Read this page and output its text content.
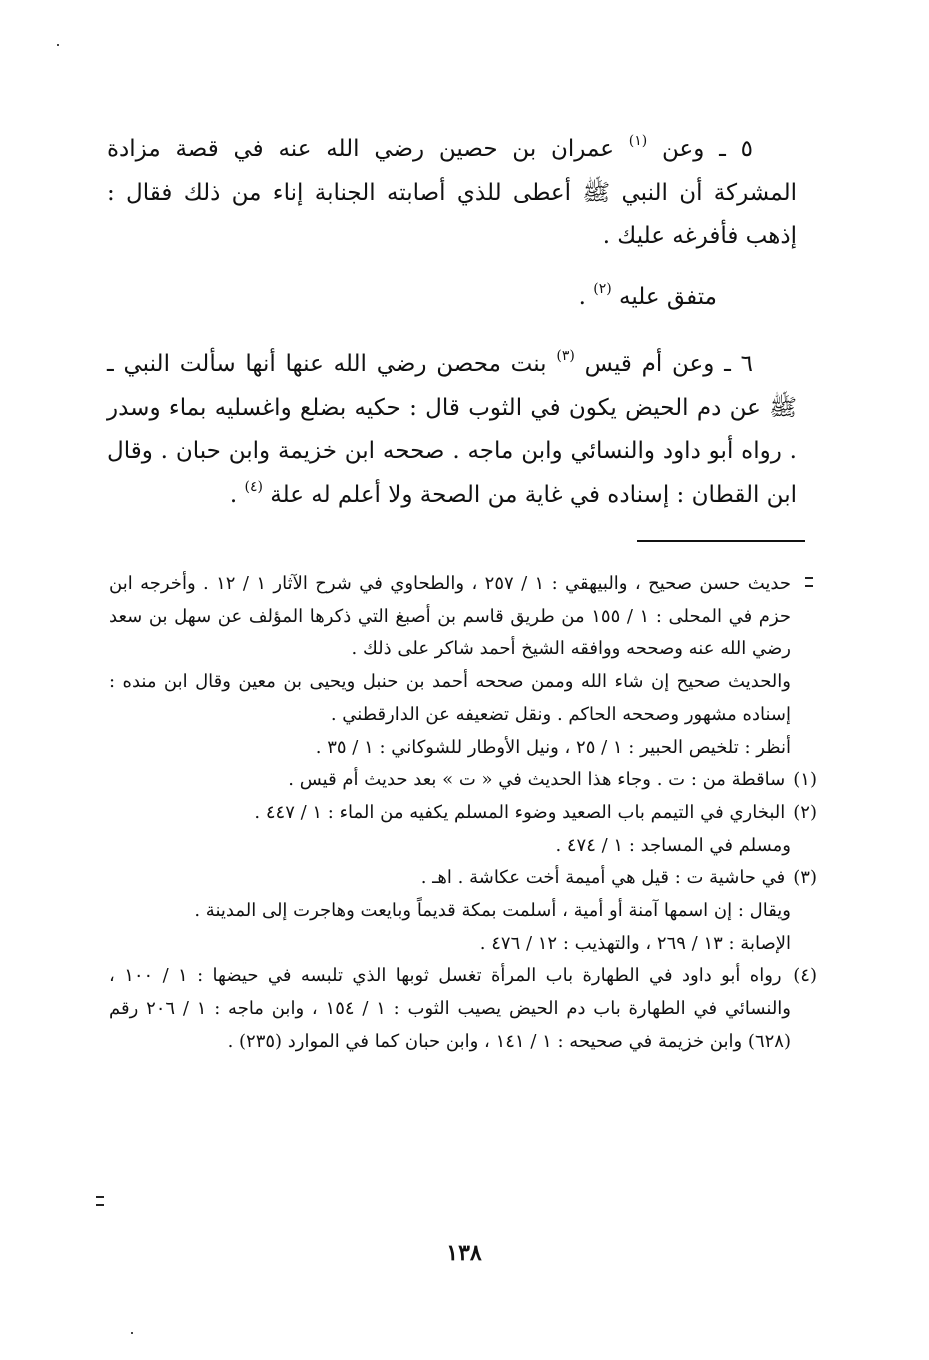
٥ ـ وعن $^{(١)}$ عمران بن حصين رضي الله عنه في قصة مزادة المشركة أن النبي ﷺ أعطى للذي أصابته الجنابة إناء من ذلك فقال : إذهب فأفرغه عليك .

متفق عليه $^{(٢)}$ .

٦ ـ وعن أم قيس $^{(٣)}$ بنت محصن رضي الله عنها أنها سألت النبي ـ ﷺ عن دم الحيض يكون في الثوب قال : حكيه بضلع واغسليه بماء وسدر . رواه أبو داود والنسائي وابن ماجه . صححه ابن خزيمة وابن حبان . وقال ابن القطان : إسناده في غاية من الصحة ولا أعلم له علة $^{(٤)}$ .

حديث حسن صحيح ، والبيهقي : ١ / ٢٥٧ ، والطحاوي في شرح الآثار ١ / ١٢ . وأخرجه ابن حزم في المحلى : ١ / ١٥٥ من طريق قاسم بن أصبغ التي ذكرها المؤلف عن سهل بن سعد رضي الله عنه وصححه ووافقه الشيخ أحمد شاكر على ذلك .

والحديث صحيح إن شاء الله وممن صححه أحمد بن حنبل ويحيى بن معين وقال ابن منده : إسناده مشهور وصححه الحاكم . ونقل تضعيفه عن الدارقطني .

أنظر : تلخيص الحبير : ١ / ٢٥ ، ونيل الأوطار للشوكاني : ١ / ٣٥ .

(١) ساقطة من : ت . وجاء هذا الحديث في « ت » بعد حديث أم قيس .

(٢) البخاري في التيمم باب الصعيد وضوء المسلم يكفيه من الماء : ١ / ٤٤٧ .

ومسلم في المساجد : ١ / ٤٧٤ .

(٣) في حاشية ت : قيل هي أميمة أخت عكاشة . اهـ .

ويقال : إن اسمها آمنة أو أمية ، أسلمت بمكة قديماً وبايعت وهاجرت إلى المدينة .

الإصابة : ١٣ / ٢٦٩ ، والتهذيب : ١٢ / ٤٧٦ .

(٤) رواه أبو داود في الطهارة باب المرأة تغسل ثوبها الذي تلبسه في حيضها : ١ / ١٠٠ ، والنسائي في الطهارة باب دم الحيض يصيب الثوب : ١ / ١٥٤ ، وابن ماجه : ١ / ٢٠٦ رقم (٦٢٨) وابن خزيمة في صحيحه : ١ / ١٤١ ، وابن حبان كما في الموارد (٢٣٥) .

١٣٨
